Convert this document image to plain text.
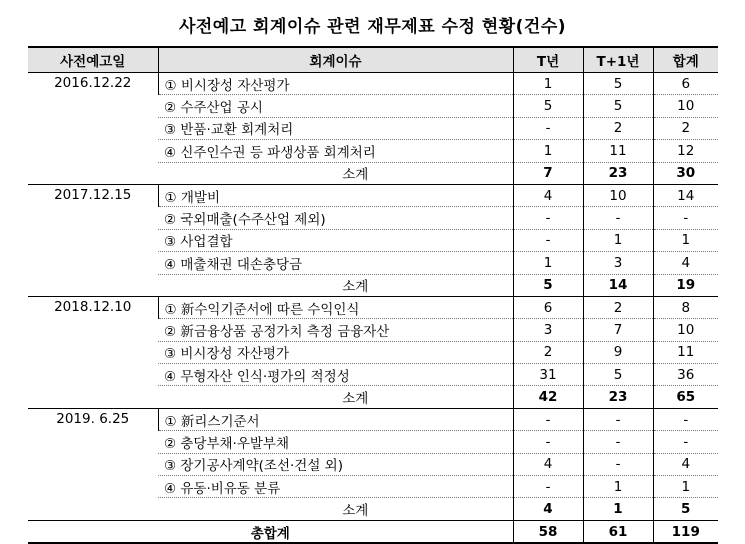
사전예고 회계이슈 관련 재무제표 수정 현황(건수)
사전예고일	회계이슈	T년	T+1년	합계
2016.12.22	① 비시장성 자산평가	1	5	6
	② 수주산업 공시	5	5	10
	③ 반품·교환 회계처리	-	2	2
	④ 신주인수권 등 파생상품 회계처리	1	11	12
	소계	7	23	30
2017.12.15	① 개발비	4	10	14
	② 국외매출(수주산업 제외)	-	-	-
	③ 사업결합	-	1	1
	④ 매출채권 대손충당금	1	3	4
	소계	5	14	19
2018.12.10	① 新수익기준서에 따른 수익인식	6	2	8
	② 新금융상품 공정가치 측정 금융자산	3	7	10
	③ 비시장성 자산평가	2	9	11
	④ 무형자산 인식·평가의 적정성	31	5	36
	소계	42	23	65
2019. 6.25	① 新리스기준서	-	-	-
	② 충당부채·우발부채	-	-	-
	③ 장기공사계약(조선·건설 외)	4	-	4
	④ 유동·비유동 분류	-	1	1
	소계	4	1	5
총합계		58	61	119
